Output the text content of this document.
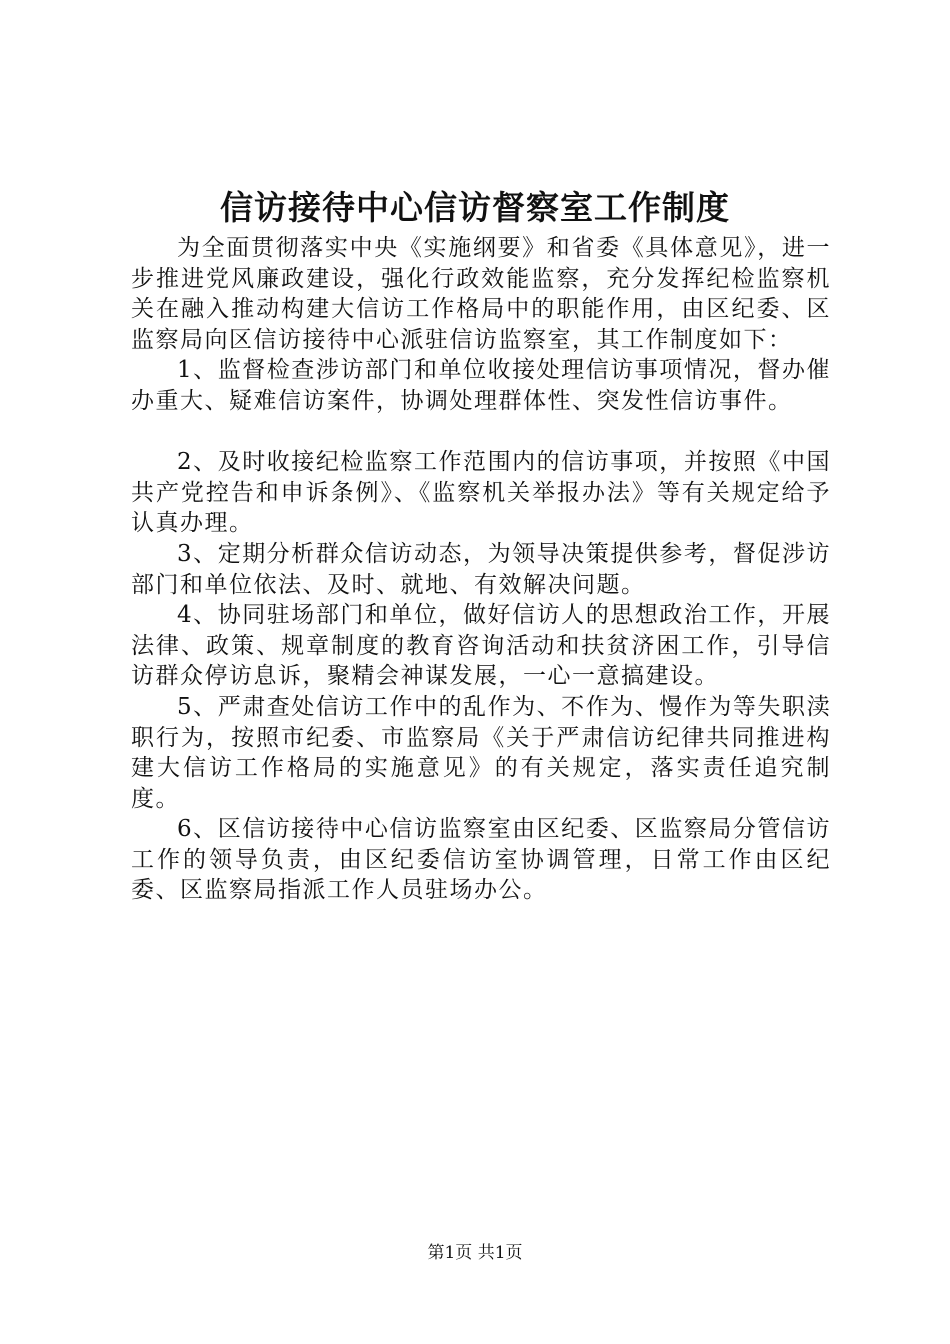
信访接待中心信访督察室工作制度

为全面贯彻落实中央《实施纲要》和省委《具体意见》，进一步推进党风廉政建设，强化行政效能监察，充分发挥纪检监察机关在融入推动构建大信访工作格局中的职能作用，由区纪委、区监察局向区信访接待中心派驻信访监察室，其工作制度如下：

1、监督检查涉访部门和单位收接处理信访事项情况，督办催办重大、疑难信访案件，协调处理群体性、突发性信访事件。

2、及时收接纪检监察工作范围内的信访事项，并按照《中国共产党控告和申诉条例》、《监察机关举报办法》等有关规定给予认真办理。

3、定期分析群众信访动态，为领导决策提供参考，督促涉访部门和单位依法、及时、就地、有效解决问题。

4、协同驻场部门和单位，做好信访人的思想政治工作，开展法律、政策、规章制度的教育咨询活动和扶贫济困工作，引导信访群众停访息诉，聚精会神谋发展，一心一意搞建设。

5、严肃查处信访工作中的乱作为、不作为、慢作为等失职渎职行为，按照市纪委、市监察局《关于严肃信访纪律共同推进构建大信访工作格局的实施意见》的有关规定，落实责任追究制度。

6、区信访接待中心信访监察室由区纪委、区监察局分管信访工作的领导负责，由区纪委信访室协调管理，日常工作由区纪委、区监察局指派工作人员驻场办公。

第1页 共1页
